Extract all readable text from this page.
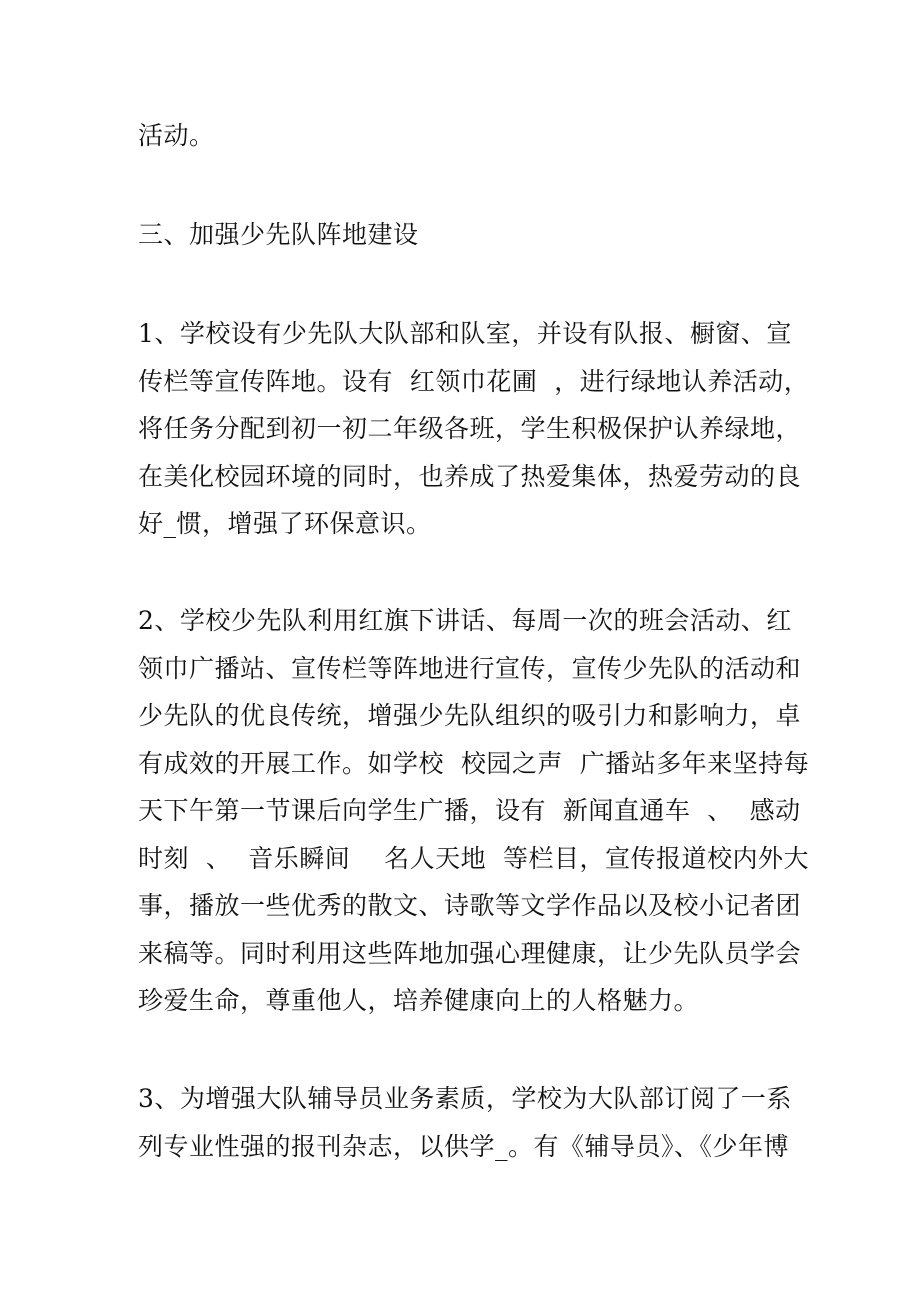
活动。
三、加强少先队阵地建设
1、学校设有少先队大队部和队室，并设有队报、橱窗、宣
传栏等宣传阵地。设有  红领巾花圃  ，进行绿地认养活动，
将任务分配到初一初二年级各班，学生积极保护认养绿地，
在美化校园环境的同时，也养成了热爱集体，热爱劳动的良
好_惯，增强了环保意识。
2、学校少先队利用红旗下讲话、每周一次的班会活动、红
领巾广播站、宣传栏等阵地进行宣传，宣传少先队的活动和
少先队的优良传统，增强少先队组织的吸引力和影响力，卓
有成效的开展工作。如学校  校园之声  广播站多年来坚持每
天下午第一节课后向学生广播，设有  新闻直通车  、  感动
时刻  、  音乐瞬间    名人天地  等栏目，宣传报道校内外大
事，播放一些优秀的散文、诗歌等文学作品以及校小记者团
来稿等。同时利用这些阵地加强心理健康，让少先队员学会
珍爱生命，尊重他人，培养健康向上的人格魅力。
3、为增强大队辅导员业务素质，学校为大队部订阅了一系
列专业性强的报刊杂志，以供学_。有《辅导员》、《少年博
